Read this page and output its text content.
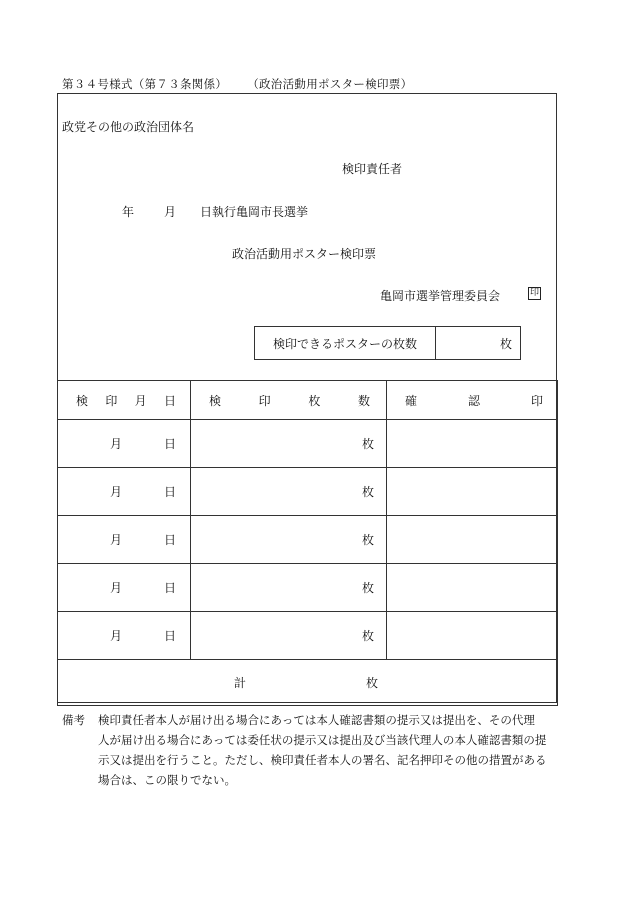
第３４号様式（第７３条関係） （政治活動用ポスター検印票）
政党その他の政治団体名
検印責任者
年	月 日執行亀岡市長選挙
政治活動用ポスター検印票
亀岡市選挙管理委員会	印
検印できるポスターの枚数	枚
検 印 月 日	検 印 枚 数	確 認 印

月 日	枚	

月 日	枚	

月 日	枚	

月 日	枚	

月 日	枚	

計 枚		
備考	検印責任者本人が届け出る場合にあっては本人確認書類の提示又は提出を、その代理
人が届け出る場合にあっては委任状の提示又は提出及び当該代理人の本人確認書類の提
示又は提出を行うこと。ただし、検印責任者本人の署名、記名押印その他の措置がある
場合は、この限りでない。
